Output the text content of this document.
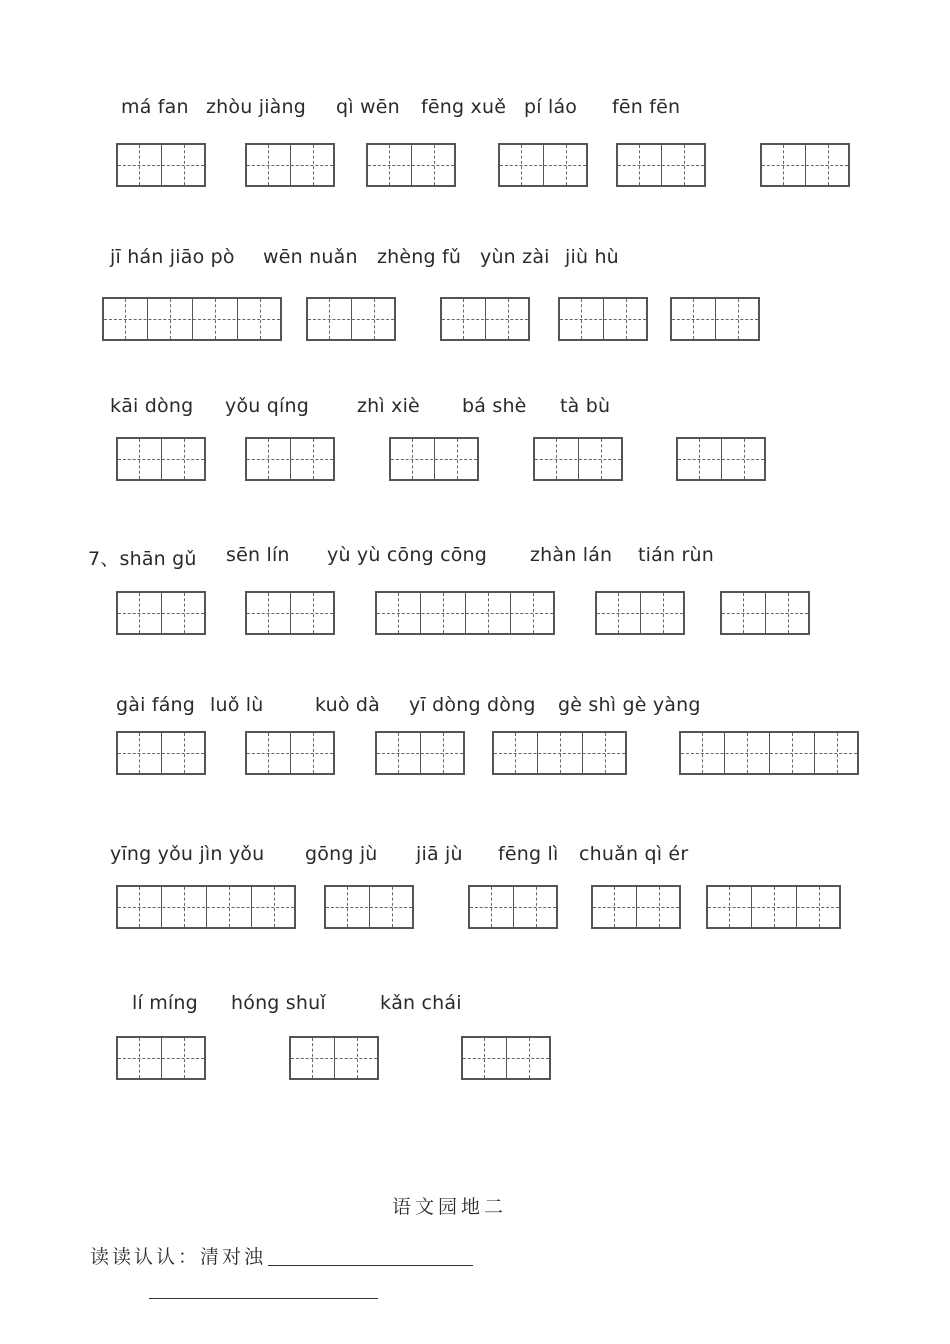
má fan zhòu jiàng qì wēn fēng xuě pí láo fēn fēn
jī hán jiāo pò wēn nuǎn zhèng fǔ yùn zài jiù hù
kāi dòng yǒu qíng	zhì xiè bá shè tà bù
7、shān gǔ sēn lín yù yù cōng cōng zhàn lán tián rùn
gài fáng luǒ lù	kuò dà yī dòng dòng gè shì gè yàng
yīng yǒu jìn yǒu gōng jù jiā jù fēng lì chuǎn qì ér
lí míng hóng shuǐ	kǎn chái
语文园地二
读读认认：清对浊
